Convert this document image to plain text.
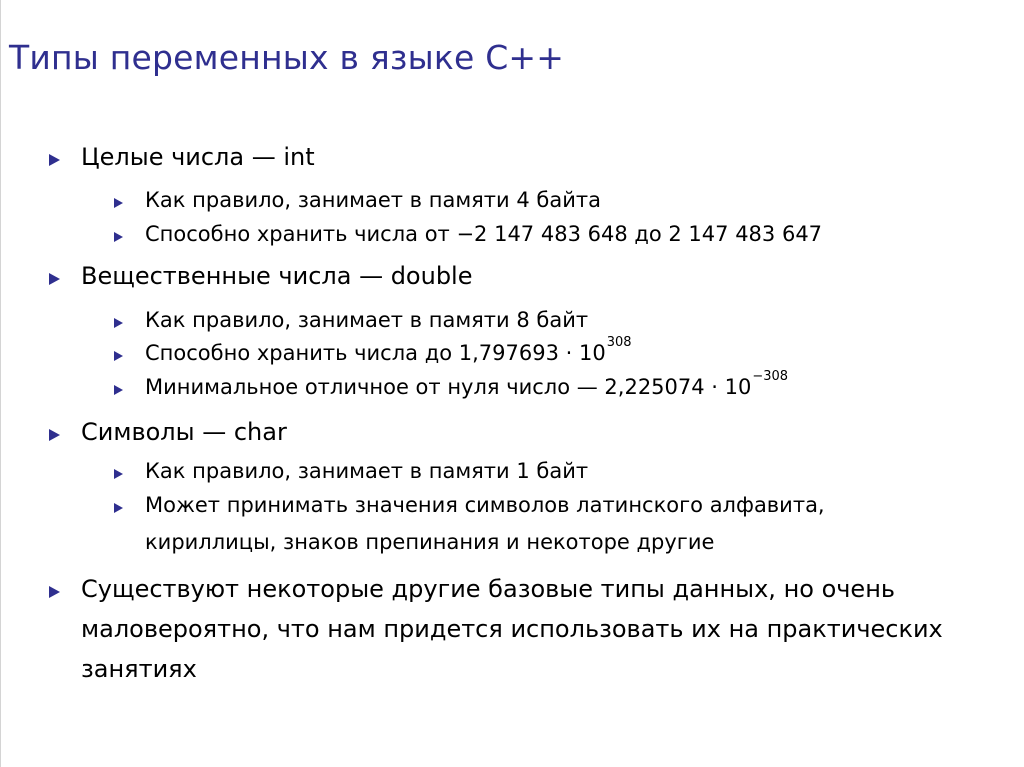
Типы переменных в языке C++
Целые числа — int
Как правило, занимает в памяти 4 байта
Способно хранить числа от −2 147 483 648 до 2 147 483 647
Вещественные числа — double
Как правило, занимает в памяти 8 байт
Способно хранить числа до $1,797693 \cdot 10^{308}$
Минимальное отличное от нуля число — $2,225074 \cdot 10^{-308}$
Символы — char
Как правило, занимает в памяти 1 байт
Может принимать значения символов латинского алфавита,
кириллицы, знаков препинания и некоторе другие
Существуют некоторые другие базовые типы данных, но очень
маловероятно, что нам придется использовать их на практических
занятиях
